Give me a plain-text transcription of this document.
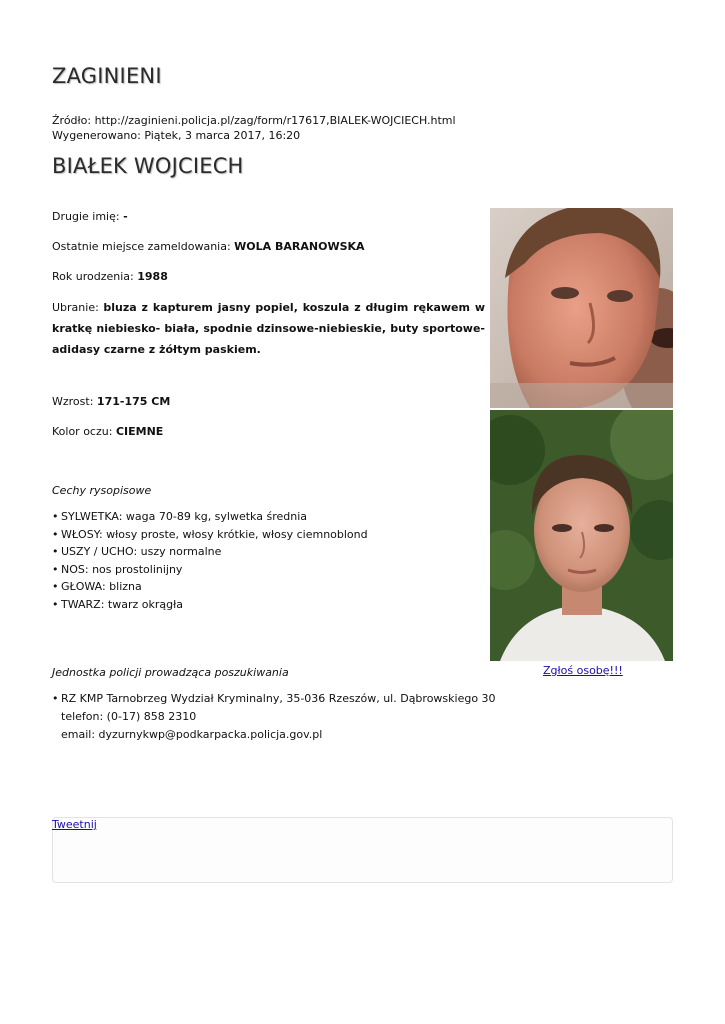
ZAGINIENI
Źródło: http://zaginieni.policja.pl/zag/form/r17617,BIALEK-WOJCIECH.html
Wygenerowano: Piątek, 3 marca 2017, 16:20
BIAŁEK WOJCIECH
Drugie imię: -
Ostatnie miejsce zameldowania: WOLA BARANOWSKA
Rok urodzenia: 1988
Ubranie: bluza z kapturem jasny popiel, koszula z długim rękawem w kratkę niebiesko- biała, spodnie dzinsowe-niebieskie, buty sportowe-adidasy czarne z żółtym paskiem.
Wzrost: 171-175 CM
Kolor oczu: CIEMNE
Cechy rysopisowe
• SYLWETKA: waga 70-89 kg, sylwetka średnia
• WŁOSY: włosy proste, włosy krótkie, włosy ciemnoblond
• USZY / UCHO: uszy normalne
• NOS: nos prostolinijny
• GŁOWA: blizna
• TWARZ: twarz okrągła
Jednostka policji prowadząca poszukiwania
• RZ KMP Tarnobrzeg Wydział Kryminalny, 35-036 Rzeszów, ul. Dąbrowskiego 30
telefon: (0-17) 858 2310
email: dyzurnykwp@podkarpacka.policja.gov.pl
Zgłoś osobę!!!
Tweetnij
